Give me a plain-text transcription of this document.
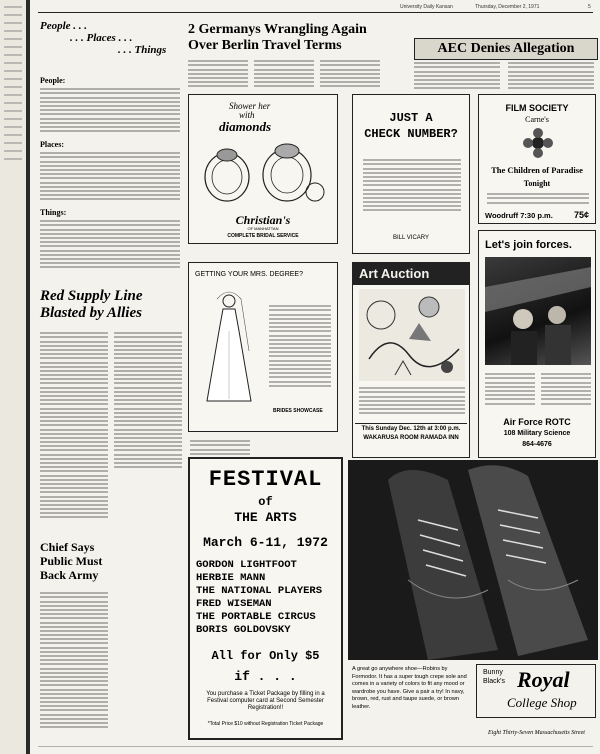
University Daily Kansan	Thursday, December 2, 1971	5
People . . .
. . . Places . . .
. . . Things
People:
Places:
Things:
Red Supply Line
Blasted by Allies
Chief Says
Public Must
Back Army
2 Germanys Wrangling Again
Over Berlin Travel Terms
Shower her
with
diamonds
Christian's
OF MANHATTAN
COMPLETE BRIDAL SERVICE
GETTING YOUR MRS. DEGREE?
BRIDES SHOWCASE
FESTIVAL
of
THE ARTS
March 6-11, 1972
GORDON LIGHTFOOT
HERBIE MANN
THE NATIONAL PLAYERS
FRED WISEMAN
THE PORTABLE CIRCUS
BORIS GOLDOVSKY
All for Only $5
if . . .
You purchase a Ticket Package by filling in a Festival computer card at Second Semester Registration!!
*Total Price $10 without Registration Ticket Package
AEC Denies Allegation
JUST A
CHECK NUMBER?
BILL VICARY
FILM SOCIETY
Carne's
The Children of Paradise
Tonight
Woodruff 7:30 p.m. 75¢
Let's join forces.
Air Force ROTC
108 Military Science
864-4676
Art Auction
This Sunday Dec. 12th at 3:00 p.m.
WAKARUSA ROOM RAMADA INN
A great go anywhere shoe—Robins by Formodor. It has a super tough crepe sole and comes in a variety of colors to fit any mood or wardrobe you have. Give a pair a try! In navy, brown, red, rust and taupe suede, or brown leather.
Bunny
Black's Royal
College Shop
Eight Thirty-Seven Massachusetts Street
